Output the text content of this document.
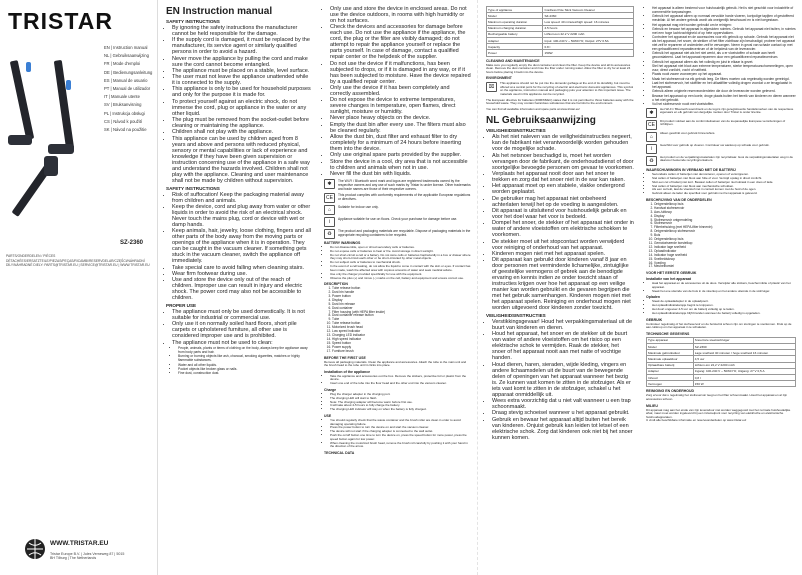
TRISTAR
EN | Instruction manual
NL | Gebruiksaanwijzing
FR | Mode d'emploi
DE | Bedienungsanleitung
ES | Manual de usuario
PT | Manual de utilizador
IT | Manuale utente
SV | Bruksanvisning
PL | Instrukcja obsługi
CS | Návod k použití
SK | Návod na použitie
SZ-2360
PARTS/ONDERDELEN / PIÈCES DÉTACHÉES/ERSATZTEILE/PIEZAS/PEÇAS/RICAMBI/RESERVDELAR/CZĘŚCI/NÁHRADNÍ DÍLY/NÁHRADNÉ DIELY: PARTS@TRISTAR.EU | SERVICE@TRISTAR.EU | WWW.TRISTAR.EU
WWW.TRISTAR.EU
Tristar Europe B.V. | Jules Verneweg 87 | 5015 BH Tilburg | The Netherlands
EN Instruction manual
SAFETY INSTRUCTIONS
• By ignoring the safety instructions the manufacturer cannot be held responsible for the damage.
• If the supply cord is damaged, it must be replaced by the manufacturer, its service agent or similarly qualified persons in order to avoid a hazard.
• Never move the appliance by pulling the cord and make sure the cord cannot become entangled.
• The appliance must be placed on a stable, level surface.
• The user must not leave the appliance unattended while it is connected to the supply.
• This appliance is only to be used for household purposes and only for the purpose it is made for.
• To protect yourself against an electric shock, do not immerse the cord, plug or appliance in the water or any other liquid.
• The plug must be removed from the socket-outlet before cleaning or maintaining the appliance.
• Children shall not play with the appliance.
• This appliance can be used by children aged from 8 years and above and persons with reduced physical, sensory or mental capabilities or lack of experience and knowledge if they have been given supervision or instruction concerning use of the appliance in a safe way and understand the hazards involved. Children shall not play with the appliance. Cleaning and user maintenance shall not be made by children without supervision.
SAFETY INSTRUCTIONS
• Risk of suffocation! Keep the packaging material away from children and animals.
• Keep the device, cord and plug away from water or other liquids in order to avoid the risk of an electrical shock. Never touch the mains plug, cord or device with wet or damp hands.
• Keep animals, hair, jewelry, loose clothing, fingers and all other parts of the body away from the moving parts or openings of the appliance when it is in operation. They can be caught in the vacuum cleaner. If something gets stuck in the vacuum cleaner, switch the appliance off immediately.
• Take special care to avoid falling when cleaning stairs.
• Wear firm footwear during use.
• Use and store the device only out of the reach of children. Improper use can result in injury and electric shock. The power cord may also not be accessible to children.
PROPER USE
• The appliance must only be used domestically. It is not suitable for industrial or commercial use.
• Only use it on normally soiled hard floors, short pile carpets or upholstered furniture, all other use is considered improper use and is prohibited.
• The appliance must not be used to clean:
• People, animals, plants or items of clothing on the body, always keep the appliance away from body parts and hair.
• Burning or burning objects like ash, charcoal, smoking cigarettes, matches or highly flammable substances.
• Water and all other liquids.
• Pocket objects like broken glass or nails.
• Fine dust, construction dust.
• Only use and store the device in enclosed areas. Do not use the device outdoors, in rooms with high humidity or on hot surfaces.
• Check the devices and accessories for damage before each use. Do not use the appliance if the appliance, the cord, the plug or the filter are visibly damaged; do not attempt to repair the appliance yourself or replace the parts yourself. In case of damage, contact a qualified repair center or the helpdesk of the supplier.
• Do not use the device if it malfunctions, has been subjected to drops, or if it is damaged in any way, or if it has been subjected to moisture. Have the device repaired by a qualified repair center.
• Only use the device if it has been completely and correctly assembled.
• Do not expose the device to extreme temperatures, severe changes in temperature, open flames, direct sunlight, moisture or humidity.
• Never place heavy objects on the device.
• Empty the dust bin after every use. The filters must also be cleaned regularly.
• Allow the dust bin, dust filter and exhaust filter to dry completely for a minimum of 24 hours before inserting them into the device.
• Only use original spare parts provided by the supplier.
• Store the device in a cool, dry area that is not accessible to children and animals when not in use.
• Never fill the dust bin with liquids.
✱	The Wi-Fi / Bluetooth word mark and logos are registered trademarks owned by the respective owners and any use of such marks by Tristar is under license. Other trademarks and trade names are those of their respective owners.
CE	This product complies with conformity requirements of the applicable European regulations or directives.
⌂	Suitable for indoor use only.
i	Appliance suitable for use on floors. Check your purchase for damage before use.
♻	The product and packaging materials are recyclable. Dispose of packaging materials in the appropriate recycling containers to be recycled.
BATTERY WARNINGS
• Do not disassemble, open or shred secondary cells or batteries.
• Do not expose cells or batteries to heat or fire. Avoid storage in direct sunlight.
• Do not short-circuit a cell or a battery. Do not store cells or batteries haphazardly in a box or drawer where they may short-circuit each other or be short-circuited by other metal objects.
• Do not subject cells or batteries to mechanical shock.
• In the event of a cell leaking, do not allow the liquid to come in contact with the skin or eyes. If contact has been made, wash the affected area with copious amounts of water and seek medical advice.
• Use only the charger provided specifically for use with the equipment.
• Observe the plus (+) and minus (–) marks on the cell, battery and equipment and ensure correct use.
DESCRIPTION
1. Tube release button
2. Dust bin handle
3. Power button
4. Display
5. Dust bin release
6. Dust container
7. Filter housing (with HEPA filter inside)
8. Dust container release button
9. Tube
10. Tube release button
11. Motorized brush head
12. Low speed indicator
13. Charging LED indicator
14. High speed indicator
15. Speed button
16. Power supply
17. Furniture brush
BEFORE THE FIRST USE
Remove all packaging materials. Clean the appliance and accessories. Attach the tube to the main unit and the brush head to the tube until it clicks into place.
Installation of the appliance
• Take the appliance and accessories out the box. Remove the stickers, protective foil or plastic from the device.
• Insert one end of the tube into the floor head and the other end into the vacuum cleaner.
Charge
• Plug the charger adapter in the charging port.
• The charging LED will start to flash.
• Note: The charging adapter will become warm before first use.
• It will take about 4-5 hours to fully charge the battery.
• The charging LED indicator will stay on when the battery is fully charged.
USE
• You should regularly check that the waste container and the brush roller are clean in order to avoid damaging operating failure.
• Press the power button to turn the device on and start the vacuum cleaner.
• The device will not start if the charging adapter is connected to the wall outlet.
• Push the on/off button one time to turn the device on, press the speed button for more power, press the speed button again for low power.
• When cleaning the motorized brush head, remove the brush roll carefully by pushing it with your hand in the direction of the arrow.
TECHNICAL DATA
Type of appliance	Cordless Pole Stick Vacuum Cleaner
Model	SZ-2360
Maximum operating duration	Low speed: 40 minutes/high speed: 16 minutes
Maximum charging duration	4.5 hours
Rechargeable battery	Lithium-ion 22.2 V 2200 mAh
Adapter	Input: 100-240 V ~ 50/60 Hz; Output: 27V 0.5A
Capacity	0.8 l
Power	150W
CLEANING AND MAINTENANCE
Make sure you regularly empty the dust container and clean the filter. Keep the device and all its accessories clean. Remove the dust container and rinse the filter under running water. Allow the filter to dry for at least 24 hours before placing it back into the device.
ENVIRONMENT
⌧
This appliance should not be put into the domestic garbage at the end of its durability, but must be offered at a central point for the recycling of electric and electronic domestic appliances. This symbol on the appliance, instruction manual and packaging puts your attention to this important issue. The materials used in this appliance can be recycled.
The European directive for batteries (2006/66/EC) states that it is not permitted to throw batteries away with the household waste. They may contain hazardous substances that are harmful to the environment.
You can find all available information and spare parts at www.tristar.eu!
NL Gebruiksaanwijzing
VEILIGHEIDSINSTRUCTIES
• Als het niet naleven van de veiligheidsinstructies negeert, kan de fabrikant niet verantwoordelijk worden gehouden voor de mogelijke schade.
• Als het netsnoer beschadigd is, moet het worden vervangen door de fabrikant, de onderhoudsdienst of door soortgelijke bevoegde personen om gevaar te voorkomen.
• Verplaats het apparaat nooit door aan het snoer te trekken en zorg dat het snoer niet in de war kan raken.
• Het apparaat moet op een stabiele, vlakke ondergrond worden geplaatst.
• De gebruiker mag het apparaat niet onbeheerd achterlaten terwijl het op de voeding is aangesloten.
• Dit apparaat is uitsluitend voor huishoudelijk gebruik en voor het doel waar het voor is bedoeld.
• Dompel het snoer, de stekker of het apparaat niet onder in water of andere vloeistoffen om elektrische schokken te voorkomen.
• De stekker moet uit het stopcontact worden verwijderd voor reiniging of onderhoud van het apparaat.
• Kinderen mogen niet met het apparaat spelen.
• Dit apparaat kan gebruikt door kinderen vanaf 8 jaar en door personen met verminderde lichamelijke, zintuiglijke of geestelijke vermogens of gebrek aan de benodigde ervaring en kennis indien ze onder toezicht staan of instructies krijgen over hoe het apparaat op een veilige manier kan worden gebruikt en de gevaren begrijpen die met het gebruik samenhangen. Kinderen mogen niet met het apparaat spelen. Reiniging en onderhoud mogen niet worden uitgevoerd door kinderen zonder toezicht.
VEILIGHEIDSINSTRUCTIES
• Verstikkingsgevaar! Houd het verpakkingsmateriaal uit de buurt van kinderen en dieren.
• Houd het apparaat, het snoer en de stekker uit de buurt van water of andere vloeistoffen om het risico op een elektrische schok te vermijden. Raak de stekker, het snoer of het apparaat nooit aan met natte of vochtige handen.
• Houd dieren, haren, sieraden, wijde kleding, vingers en andere lichaamsdelen uit de buurt van de bewegende delen of openingen van het apparaat wanneer het bezig is. Ze kunnen vast komen te zitten in de stofzuiger. Als er iets vast komt te zitten in de stofzuiger, schakel u het apparaat onmiddellijk uit.
• Wees extra voorzichtig dat u niet valt wanneer u een trap schoonmaakt.
• Draag stevig schoeisel wanneer u het apparaat gebruikt.
• Gebruik en bewaar het apparaat altijd buiten het bereik van kinderen. Onjuist gebruik kan leiden tot letsel of een elektrische schok. Zorg dat kinderen ook niet bij het snoer kunnen komen.
• Het apparaat is alleen bestemd voor huishoudelijk gebruik. Het is niet geschikt voor industriële of commerciële toepassingen.
• Gebruik het apparaat alleen op normaal vervuilde harde vloeren, kortpolige tapijten of gestoffeerd meubilair. Al het andere gebruik wordt als oneigenlijk beschouwd en is niet toegestaan.
• Het apparaat mag niet worden gebruikt om te reinigen:
• Gebruik en bewaar het apparaat in afgesloten ruimtes. Gebruik het apparaat niet buiten, in ruimtes met een hoge luchtvochtigheid of op hete oppervlakken.
• Controleer het apparaat en de accessoires voor elk gebruik op schade. Gebruik het apparaat niet als het apparaat, het snoer, de stekker of het filter zichtbaar zijn beschadigd; probeer het apparaat niet zelf te repareren of onderdelen zelf te vervangen. Neem in geval van schade contact op met een gekwalificeerd reparatiecentrum of de helpdesk van de leverancier.
• Gebruik het apparaat niet als het niet werkt, als u er vloeistoffen of schade aan heeft geconstateerd. Laat het apparaat repareren door een gekwalificeerd reparatiecentrum.
• Gebruik het apparaat alleen als het volledig en juist in elkaar is gezet.
• Stel het apparaat niet bloot aan extreme temperaturen, sterke temperatuurschommelingen, open vuur, direct zonlicht, vocht of nattheid.
• Plaats nooit zware voorwerpen op het apparaat.
• Maak het stofreservoir na elk gebruik leeg. De filters moeten ook regelmatig worden gereinigd.
• Laat het stofreservoir, het stoffilter en het uitlaatfilter volledig drogen voordat u ze terugplaatst in het apparaat.
• Gebruik alleen originele reserveonderdelen die door de leverancier worden geleverd.
• Bewaar het apparaat op een koele, droge plaats buiten het bereik van kinderen en dieren wanneer u het niet gebruikt.
• Vul het stofreservoir nooit met vloeistoffen.
✱
Het Wi-Fi / Bluetooth-woordmerk en de logo's zijn geregistreerde handelsmerken van de respectieve eigenaars en elk gebruik van dergelijke merken door Tristar is onder licentie.
CE
Dit product voldoet aan de conformiteitseisen van de toepasselijke Europese verordeningen of richtlijnen.
⌂
Alleen geschikt voor gebruik binnenshuis.
i
Geschikt voor gebruik op vloeren. Controleer uw aankoop op schade voor gebruik.
♻
Het product en de verpakkingsmaterialen zijn recyclebaar. Gooi de verpakkingsmaterialen weg in de daarvoor bestemde recyclingcontainers.
WAARSCHUWINGEN IN VERBAND MET DE BATTERIJ
• Secundaire cellen of batterijen niet demonteren, openen of versnipperen.
• Stel cellen of batterijen niet bloot aan hitte of vuur. Vermijd opslag in direct zonlicht.
• Sluit een cel of batterij niet kort. Bewaar cellen of batterijen niet lukraak in een doos of lade.
• Stel cellen of batterijen niet bloot aan mechanische schokken.
• Als een cel lekt, laat de vloeistof niet in contact komen met de huid of de ogen.
• Gebruik alleen de lader die specifiek voor gebruik met het apparaat is geleverd.
BESCHRIJVING VAN DE ONDERDELEN
1. Ontgrendelknop buis
2. Handvat stofreservoir
3. Aan-/uitknop
4. Display
5. Stofreservoir ontgrendeling
6. Stofreservoir
7. Filterbehuizing (met HEPA-filter binnenin)
8. Ontgrendelknop stofreservoir
9. Buis
10. Ontgrendelknop buis
11. Gemotoriseerde borstelkop
12. Indicator lage snelheid
13. Oplaadindicator
14. Indicator hoge snelheid
15. Snelheidsknop
16. Voeding
17. Meubelborstel
VOOR HET EERSTE GEBRUIK
Installatie van het apparaat
• Haal het apparaat en de accessoires uit de doos. Verwijder alle stickers, beschermfolie of plastic van het apparaat.
• Steek het ene uiteinde van de buis in de vloerkop en het andere uiteinde in de stofzuiger.
Opladen
• Steek de oplaadadapter in de oplaadpoort.
• Het oplaadindicatielampje begint te knipperen.
• Het duurt ongeveer 4-5 uur om de batterij volledig op te laden.
• Het oplaadindicatielampje blijft branden wanneer de batterij volledig is opgeladen.
GEBRUIK
Controleer regelmatig of het stofreservoir en de borstelrol schoon zijn om storingen te voorkomen. Druk op de aan-/uitknop om het apparaat in te schakelen.
TECHNISCHE GEGEVENS
Type apparaat	Snoerloze steelstofzuiger
Model	SZ-2360
Maximale gebruiksduur	Lage snelheid 40 minuten / hoge snelheid 16 minuten
Maximale oplaadduur	4,5 uur
Oplaadbare batterij	Lithium-ion 22,2 V 2200 mAh
Adapter	Ingang: 100-240 V ~ 50/60 Hz; Uitgang: 27 V 0,5 A
Inhoud	0,8 l
Vermogen	150 W
REINIGING EN ONDERHOUD
Zorg ervoor dat u regelmatig het stofreservoir leegt en het filter schoonmaakt. Houd het apparaat en al zijn accessoires schoon.
MILIEU
Dit apparaat mag aan het einde van zijn levensduur niet worden weggegooid met het normale huishoudelijke afval, maar moet worden ingeleverd bij een inzamelpunt voor recycling van elektrische en elektronische huishoudapparaten.
U vindt alle beschikbare informatie en reserveonderdelen op www.tristar.eu!
